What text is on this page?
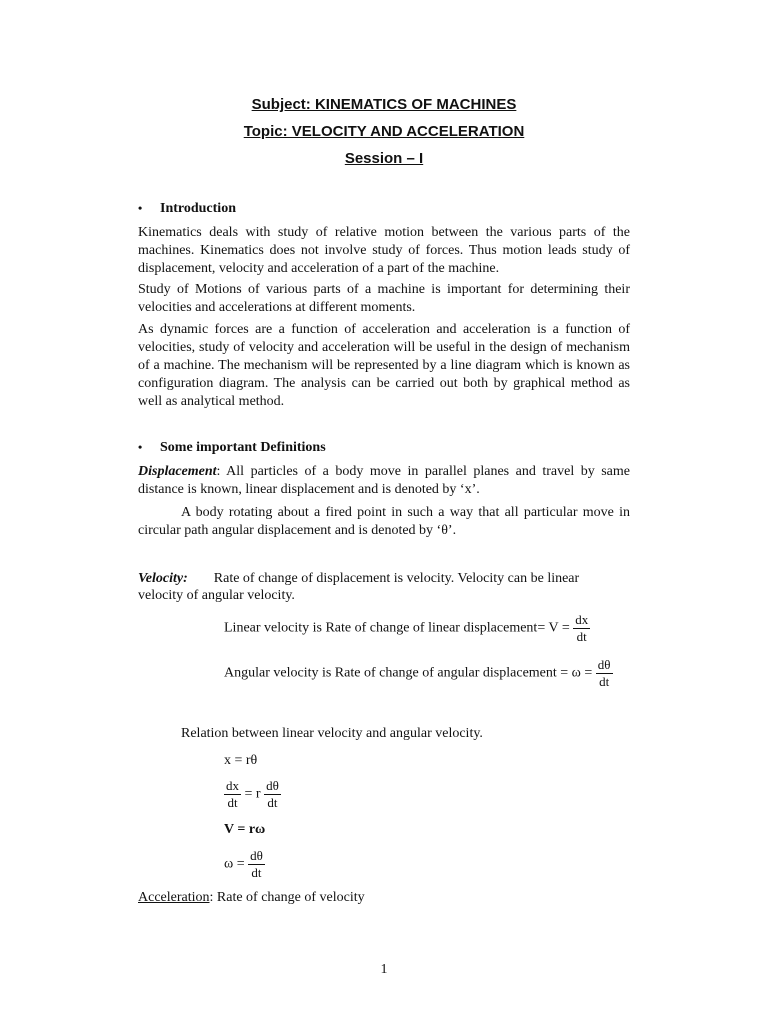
Subject: KINEMATICS OF MACHINES
Topic: VELOCITY AND ACCELERATION
Session – I
• Introduction

Kinematics deals with study of relative motion between the various parts of the machines. Kinematics does not involve study of forces. Thus motion leads study of displacement, velocity and acceleration of a part of the machine.

Study of Motions of various parts of a machine is important for determining their velocities and accelerations at different moments.

As dynamic forces are a function of acceleration and acceleration is a function of velocities, study of velocity and acceleration will be useful in the design of mechanism of a machine. The mechanism will be represented by a line diagram which is known as configuration diagram. The analysis can be carried out both by graphical method as well as analytical method.

• Some important Definitions

Displacement: All particles of a body move in parallel planes and travel by same distance is known, linear displacement and is denoted by ‘x’.

A body rotating about a fired point in such a way that all particular move in circular path angular displacement and is denoted by ‘θ’.

Velocity: Rate of change of displacement is velocity. Velocity can be linear
velocity of angular velocity.
Linear velocity is Rate of change of linear displacement= $V = \frac{dx}{dt}$
Angular velocity is Rate of change of angular displacement = $\omega = \frac{d\theta}{dt}$
Relation between linear velocity and angular velocity.
x = rθ
$\frac{dx}{dt} = r \frac{d\theta}{dt}$
V = rω
$\omega = \frac{d\theta}{dt}$
Acceleration: Rate of change of velocity
1
